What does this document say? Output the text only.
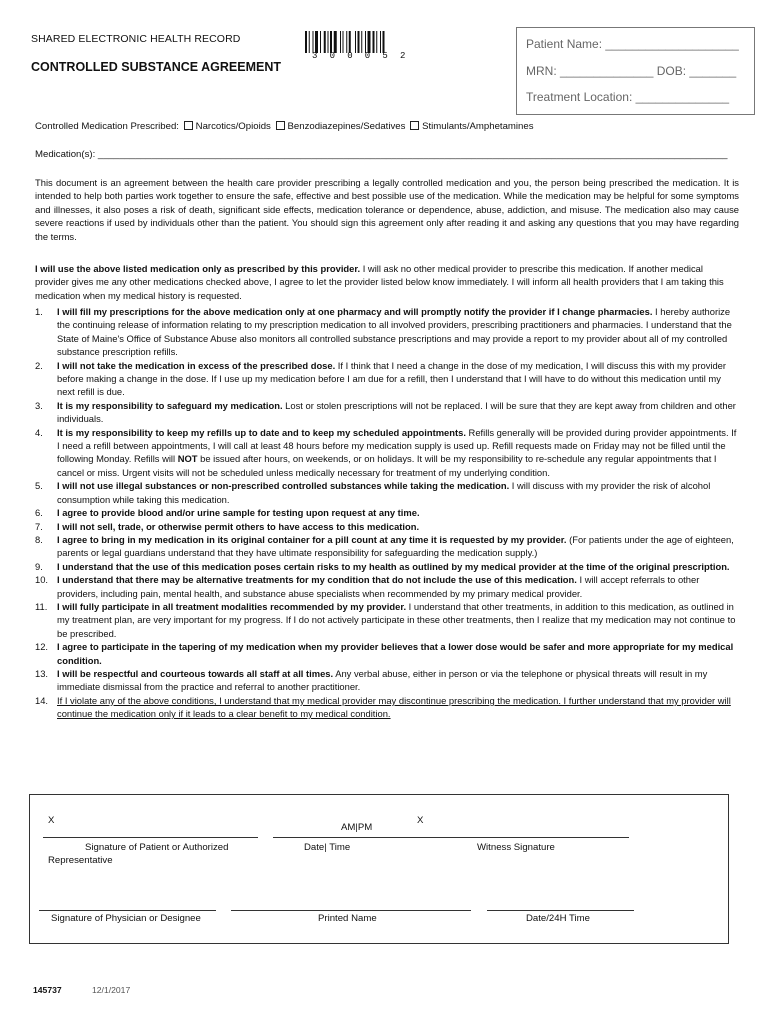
SHARED ELECTRONIC HEALTH RECORD
CONTROLLED SUBSTANCE AGREEMENT
300052
Patient Name: ____________________
MRN: ______________ DOB: _______
Treatment Location: ______________
Controlled Medication Prescribed: Narcotics/Opioids Benzodiazepines/Sedatives Stimulants/Amphetamines
Medication(s): ______________________________________________________________________________________________________________________
This document is an agreement between the health care provider prescribing a legally controlled medication and you, the person being prescribed the medication. It is intended to help both parties work together to ensure the safe, effective and best possible use of the medication. While the medication may be helpful for some symptoms and illnesses, it also poses a risk of death, significant side effects, medication tolerance or dependence, abuse, addiction, and misuse. The medication also may cause severe reactions if used by individuals other than the patient. You should sign this agreement only after reading it and asking any questions that you may have regarding the terms.
I will use the above listed medication only as prescribed by this provider. I will ask no other medical provider to prescribe this medication. If another medical provider gives me any other medications checked above, I agree to let the provider listed below know immediately. I will inform all health providers that I am taking this medication when my medical history is requested.
1. I will fill my prescriptions for the above medication only at one pharmacy and will promptly notify the provider if I change pharmacies. I hereby authorize the continuing release of information relating to my prescription medication to all involved providers, prescribing practitioners and pharmacies. I understand that the State of Maine's Office of Substance Abuse also monitors all controlled substance prescriptions and may provide a report to my provider about all of my controlled substance prescription refills.
2. I will not take the medication in excess of the prescribed dose. If I think that I need a change in the dose of my medication, I will discuss this with my provider before making a change in the dose. If I use up my medication before I am due for a refill, then I understand that I will have to do without this medication until my next refill is due.
3. It is my responsibility to safeguard my medication. Lost or stolen prescriptions will not be replaced. I will be sure that they are kept away from children and other individuals.
4. It is my responsibility to keep my refills up to date and to keep my scheduled appointments. Refills generally will be provided during provider appointments. If I need a refill between appointments, I will call at least 48 hours before my medication supply is used up. Refill requests made on Friday may not be filled until the following Monday. Refills will NOT be issued after hours, on weekends, or on holidays. It will be my responsibility to re-schedule any regular appointments that I cancel or miss. Urgent visits will not be scheduled unless medically necessary for treatment of my underlying condition.
5. I will not use illegal substances or non-prescribed controlled substances while taking the medication. I will discuss with my provider the risk of alcohol consumption while taking this medication.
6. I agree to provide blood and/or urine sample for testing upon request at any time.
7. I will not sell, trade, or otherwise permit others to have access to this medication.
8. I agree to bring in my medication in its original container for a pill count at any time it is requested by my provider. (For patients under the age of eighteen, parents or legal guardians understand that they have ultimate responsibility for safeguarding the medication supply.)
9. I understand that the use of this medication poses certain risks to my health as outlined by my medical provider at the time of the original prescription.
10. I understand that there may be alternative treatments for my condition that do not include the use of this medication. I will accept referrals to other providers, including pain, mental health, and substance abuse specialists when recommended by my primary medical provider.
11. I will fully participate in all treatment modalities recommended by my provider. I understand that other treatments, in addition to this medication, as outlined in my treatment plan, are very important for my progress. If I do not actively participate in these other treatments, then I realize that my medication may not continue to be prescribed.
12. I agree to participate in the tapering of my medication when my provider believes that a lower dose would be safer and more appropriate for my medical condition.
13. I will be respectful and courteous towards all staff at all times. Any verbal abuse, either in person or via the telephone or physical threats will result in my immediate dismissal from the practice and referral to another practitioner.
14. If I violate any of the above conditions, I understand that my medical provider may discontinue prescribing the medication. I further understand that my provider will continue the medication only if it leads to a clear benefit to my medical condition.
X
Signature of Patient or Authorized
Representative
AM|PM
Date| Time
X
Witness Signature
Signature of Physician or Designee	Printed Name	Date/24H Time
145737	12/1/2017
